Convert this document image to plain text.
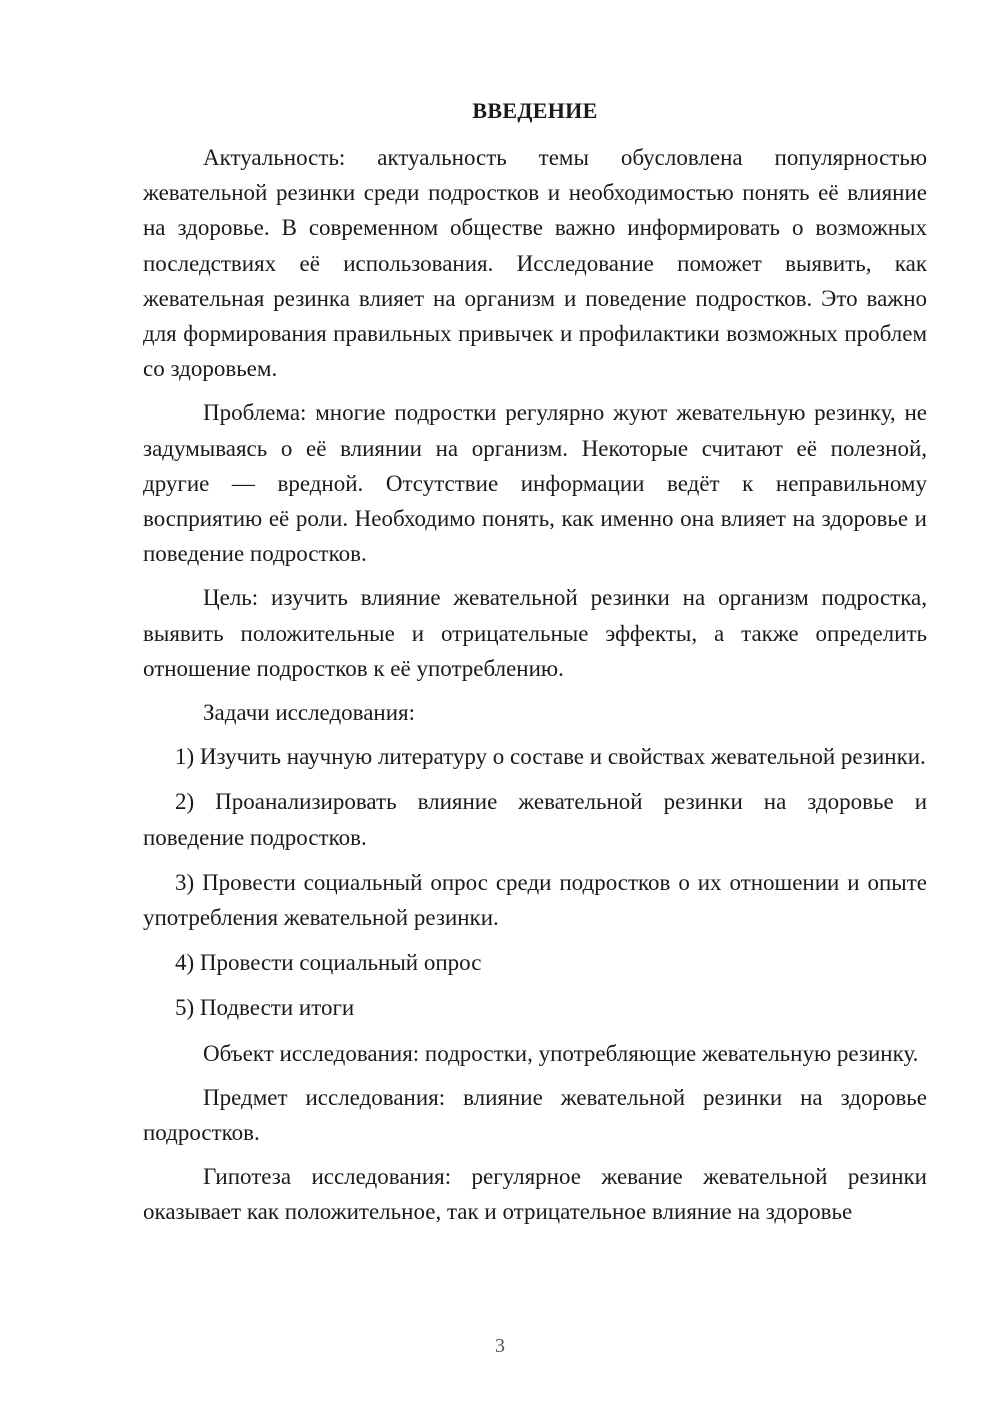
ВВЕДЕНИЕ

Актуальность: актуальность темы обусловлена популярностью жевательной резинки среди подростков и необходимостью понять её влияние на здоровье. В современном обществе важно информировать о возможных последствиях её использования. Исследование поможет выявить, как жевательная резинка влияет на организм и поведение подростков. Это важно для формирования правильных привычек и профилактики возможных проблем со здоровьем.

Проблема: многие подростки регулярно жуют жевательную резинку, не задумываясь о её влиянии на организм. Некоторые считают её полезной, другие — вредной. Отсутствие информации ведёт к неправильному восприятию её роли. Необходимо понять, как именно она влияет на здоровье и поведение подростков.

Цель: изучить влияние жевательной резинки на организм подростка, выявить положительные и отрицательные эффекты, а также определить отношение подростков к её употреблению.

Задачи исследования:

1) Изучить научную литературу о составе и свойствах жевательной резинки.

2) Проанализировать влияние жевательной резинки на здоровье и поведение подростков.

3) Провести социальный опрос среди подростков о их отношении и опыте употребления жевательной резинки.

4) Провести социальный опрос

5) Подвести итоги

Объект исследования: подростки, употребляющие жевательную резинку.

Предмет исследования: влияние жевательной резинки на здоровье подростков.

Гипотеза исследования: регулярное жевание жевательной резинки оказывает как положительное, так и отрицательное влияние на здоровье

3
